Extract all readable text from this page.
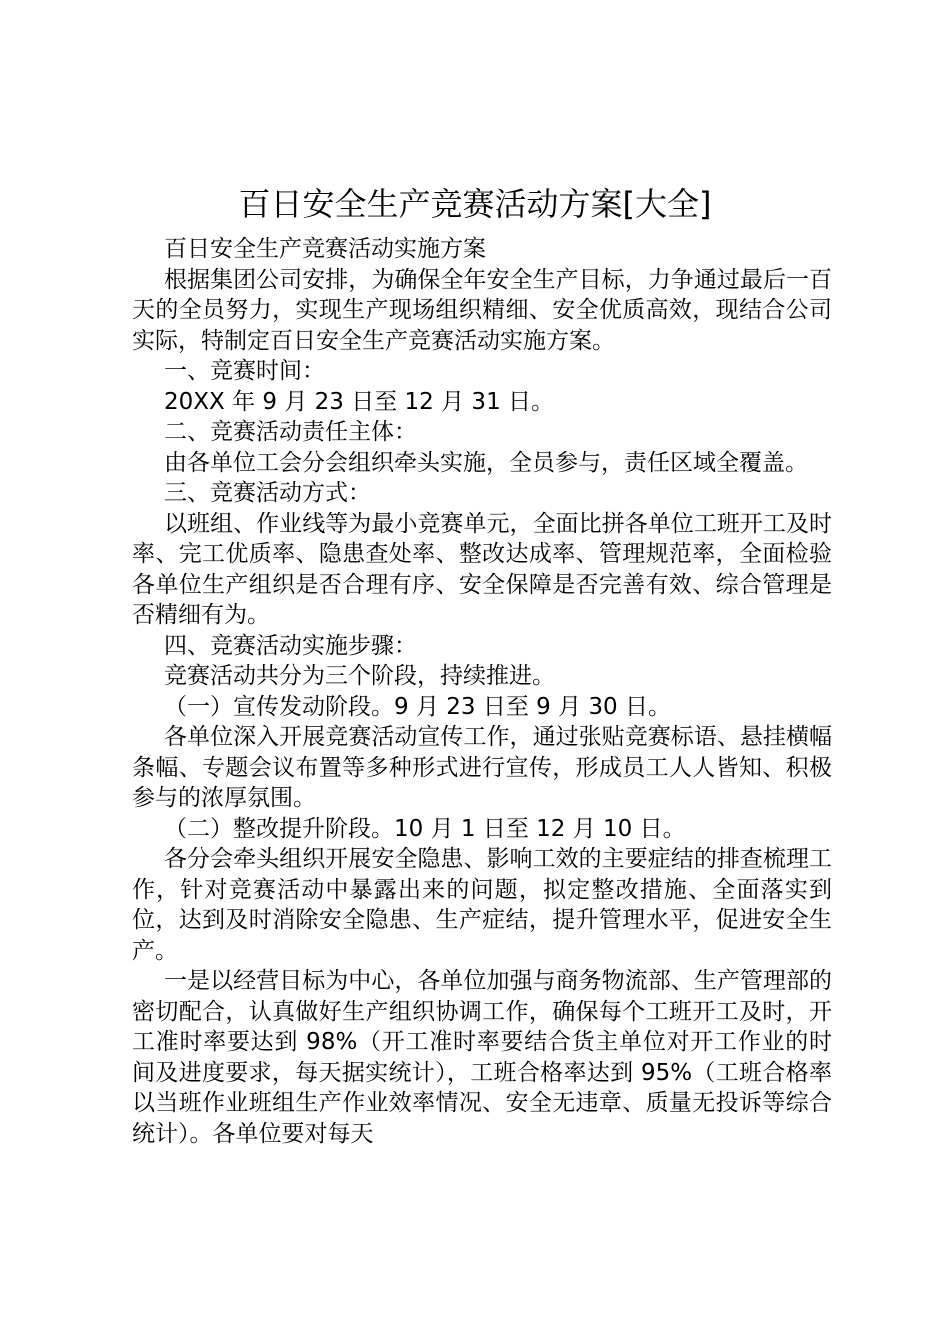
百日安全生产竞赛活动方案[大全]

百日安全生产竞赛活动实施方案

根据集团公司安排，为确保全年安全生产目标，力争通过最后一百天的全员努力，实现生产现场组织精细、安全优质高效，现结合公司实际，特制定百日安全生产竞赛活动实施方案。

一、竞赛时间：

20XX 年 9 月 23 日至 12 月 31 日。

二、竞赛活动责任主体：

由各单位工会分会组织牵头实施，全员参与，责任区域全覆盖。

三、竞赛活动方式：

以班组、作业线等为最小竞赛单元，全面比拼各单位工班开工及时率、完工优质率、隐患查处率、整改达成率、管理规范率，全面检验各单位生产组织是否合理有序、安全保障是否完善有效、综合管理是否精细有为。

四、竞赛活动实施步骤：

竞赛活动共分为三个阶段，持续推进。

（一）宣传发动阶段。9 月 23 日至 9 月 30 日。

各单位深入开展竞赛活动宣传工作，通过张贴竞赛标语、悬挂横幅条幅、专题会议布置等多种形式进行宣传，形成员工人人皆知、积极参与的浓厚氛围。

（二）整改提升阶段。10 月 1 日至 12 月 10 日。

各分会牵头组织开展安全隐患、影响工效的主要症结的排查梳理工作，针对竞赛活动中暴露出来的问题，拟定整改措施、全面落实到位，达到及时消除安全隐患、生产症结，提升管理水平，促进安全生产。

一是以经营目标为中心，各单位加强与商务物流部、生产管理部的密切配合，认真做好生产组织协调工作，确保每个工班开工及时，开工准时率要达到 98%（开工准时率要结合货主单位对开工作业的时间及进度要求，每天据实统计），工班合格率达到 95%（工班合格率以当班作业班组生产作业效率情况、安全无违章、质量无投诉等综合统计）。各单位要对每天
